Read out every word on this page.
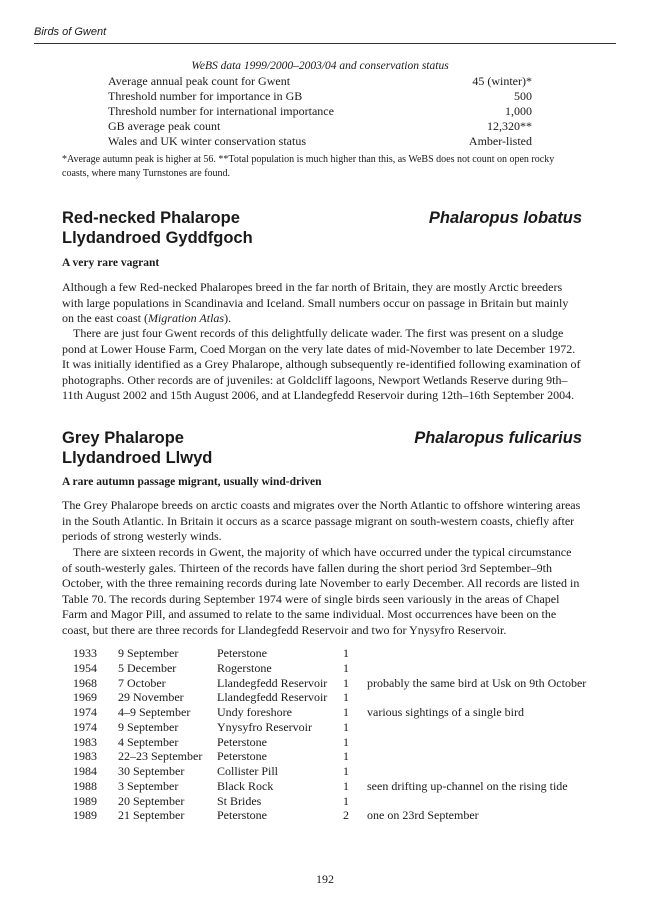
Birds of Gwent
WeBS data 1999/2000–2003/04 and conservation status
Average annual peak count for Gwent	45 (winter)*
Threshold number for importance in GB	500
Threshold number for international importance	1,000
GB average peak count	12,320**
Wales and UK winter conservation status	Amber-listed
*Average autumn peak is higher at 56. **Total population is much higher than this, as WeBS does not count on open rocky coasts, where many Turnstones are found.
Red-necked Phalarope
Llydandroed Gyddfgoch
Phalaropus lobatus
A very rare vagrant

Although a few Red-necked Phalaropes breed in the far north of Britain, they are mostly Arctic breeders with large populations in Scandinavia and Iceland. Small numbers occur on passage in Britain but mainly on the east coast (Migration Atlas).

There are just four Gwent records of this delightfully delicate wader. The first was present on a sludge pond at Lower House Farm, Coed Morgan on the very late dates of mid-November to late December 1972. It was initially identified as a Grey Phalarope, although subsequently re-identified following examination of photographs. Other records are of juveniles: at Goldcliff lagoons, Newport Wetlands Reserve during 9th–11th August 2002 and 15th August 2006, and at Llandegfedd Reservoir during 12th–16th September 2004.

Grey Phalarope
Llydandroed Llwyd
Phalaropus fulicarius
A rare autumn passage migrant, usually wind-driven

The Grey Phalarope breeds on arctic coasts and migrates over the North Atlantic to offshore wintering areas in the South Atlantic. In Britain it occurs as a scarce passage migrant on south-western coasts, chiefly after periods of strong westerly winds.

There are sixteen records in Gwent, the majority of which have occurred under the typical circumstance of south-westerly gales. Thirteen of the records have fallen during the short period 3rd September–9th October, with the three remaining records during late November to early December. All records are listed in Table 70. The records during September 1974 were of single birds seen variously in the areas of Chapel Farm and Magor Pill, and assumed to relate to the same individual. Most occurrences have been on the coast, but there are three records for Llandegfedd Reservoir and two for Ynysyfro Reservoir.

1933 9 September	Peterstone	1
1954 5 December	Rogerstone	1
1968 7 October	Llandegfedd Reservoir 1 probably the same bird at Usk on 9th October
1969 29 November	Llandegfedd Reservoir 1
1974 4–9 September Undy foreshore	1 various sightings of a single bird
1974 9 September	Ynysyfro Reservoir	1
1983 4 September	Peterstone	1
1983 22–23 September Peterstone	1
1984 30 September	Collister Pill	1
1988 3 September	Black Rock	1 seen drifting up-channel on the rising tide
1989 20 September	St Brides	1
1989 21 September	Peterstone	2 one on 23rd September
192
